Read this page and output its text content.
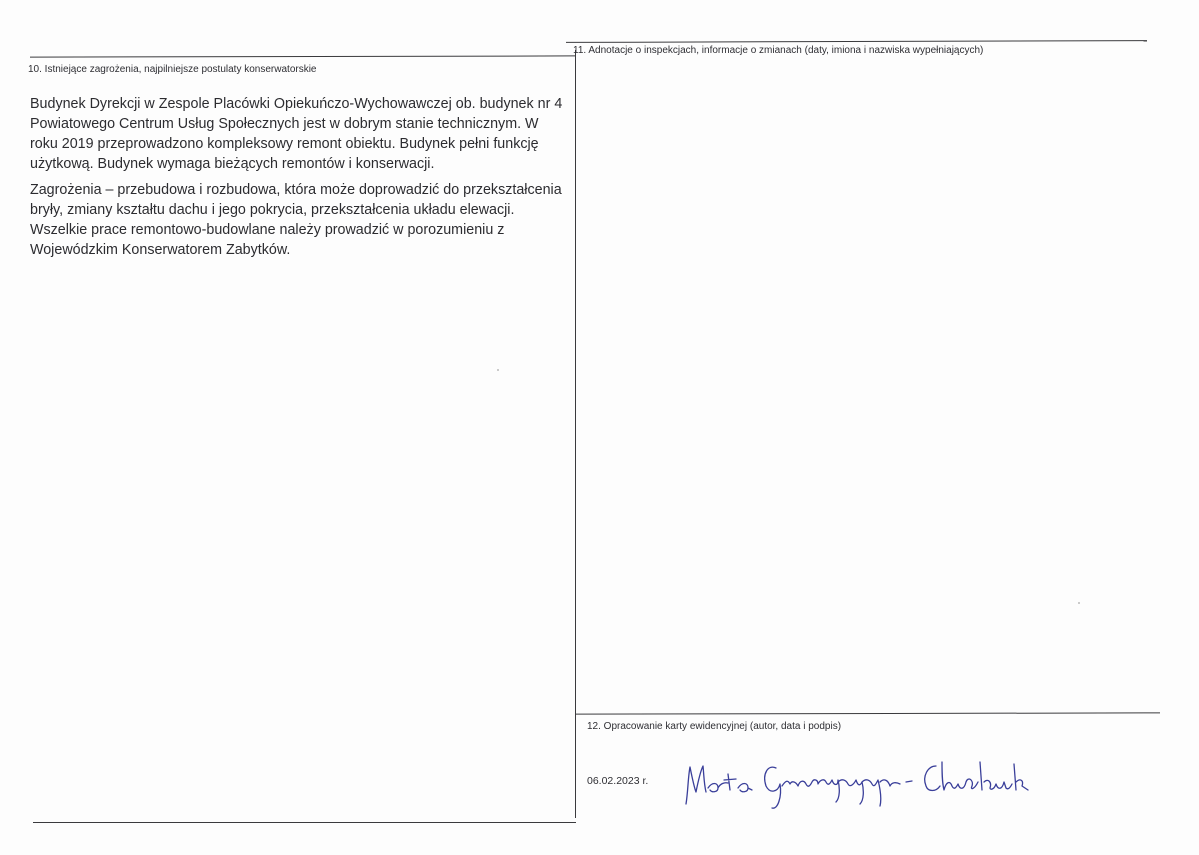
10. Istniejące zagrożenia, najpilniejsze postulaty konserwatorskie

Budynek Dyrekcji w Zespole Placówki Opiekuńczo-Wychowawczej ob. budynek nr 4 Powiatowego Centrum Usług Społecznych jest w dobrym stanie technicznym. W roku 2019 przeprowadzono kompleksowy remont obiektu. Budynek pełni funkcję użytkową. Budynek wymaga bieżących remontów i konserwacji.

Zagrożenia – przebudowa i rozbudowa, która może doprowadzić do przekształcenia bryły, zmiany kształtu dachu i jego pokrycia, przekształcenia układu elewacji. Wszelkie prace remontowo-budowlane należy prowadzić w porozumieniu z Wojewódzkim Konserwatorem Zabytków.

11. Adnotacje o inspekcjach, informacje o zmianach (daty, imiona i nazwiska wypełniających)
12. Opracowanie karty ewidencyjnej (autor, data i podpis)
06.02.2023 r.
